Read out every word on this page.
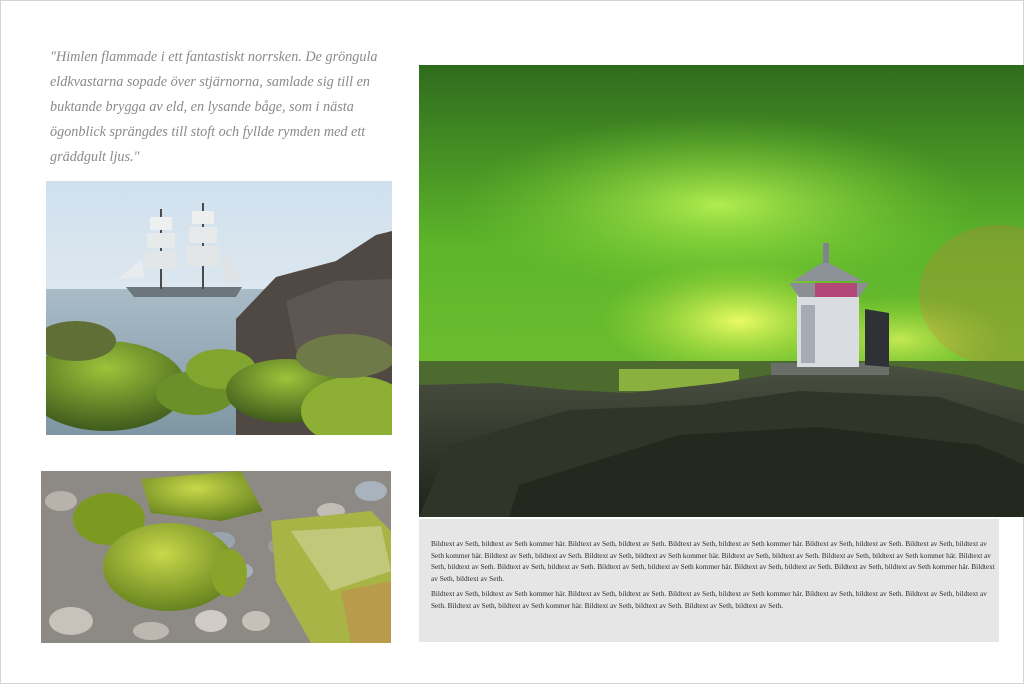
"Himlen flammade i ett fantastiskt norrsken. De gröngula eldkvastarna sopade över stjärnorna, samlade sig till en buktande brygga av eld, en lysande båge, som i nästa ögonblick sprängdes till stoft och fyllde rymden med ett gräddgult ljus."

Bildtext av Seth, bildtext av Seth kommer här. Bildtext av Seth, bildtext av Seth. Bildtext av Seth, bildtext av Seth kommer här. Bildtext av Seth, bildtext av Seth. Bildtext av Seth, bildtext av Seth kommer här. Bildtext av Seth, bildtext av Seth. Bildtext av Seth, bildtext av Seth kommer här. Bildtext av Seth, bildtext av Seth. Bildtext av Seth, bildtext av Seth kommer här. Bildtext av Seth, bildtext av Seth. Bildtext av Seth, bildtext av Seth. Bildtext av Seth, bildtext av Seth kommer här. Bildtext av Seth, bildtext av Seth. Bildtext av Seth, bildtext av Seth kommer här. Bildtext av Seth, bildtext av Seth.

Bildtext av Seth, bildtext av Seth kommer här. Bildtext av Seth, bildtext av Seth. Bildtext av Seth, bildtext av Seth kommer här. Bildtext av Seth, bildtext av Seth. Bildtext av Seth, bildtext av Seth. Bildtext av Seth, bildtext av Seth kommer här. Bildtext av Seth, bildtext av Seth. Bildtext av Seth, bildtext av Seth.
